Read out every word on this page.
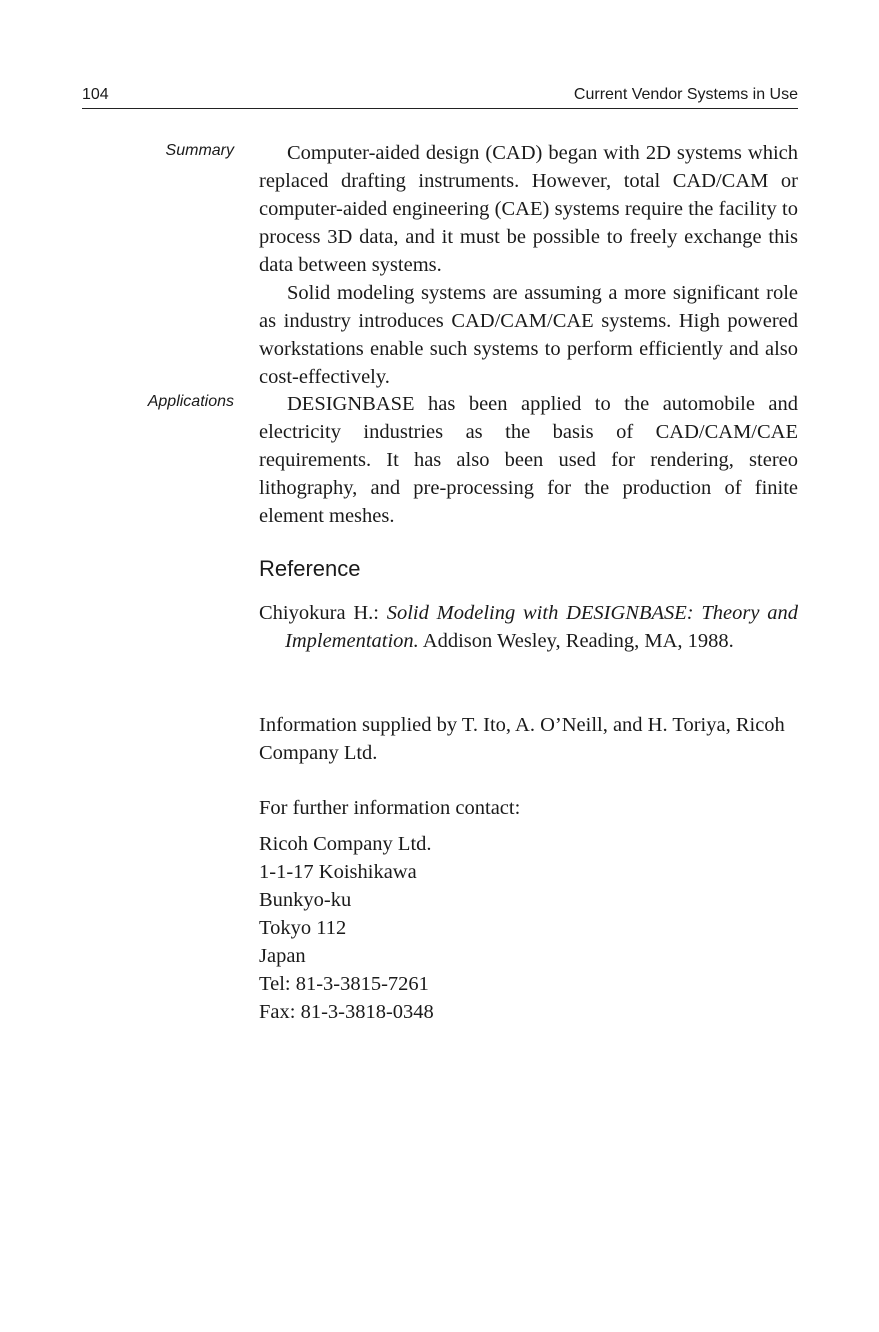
104	Current Vendor Systems in Use
Summary
Applications

Computer-aided design (CAD) began with 2D systems which replaced drafting instruments. However, total CAD/CAM or computer-aided engineering (CAE) systems require the facility to process 3D data, and it must be possible to freely exchange this data between systems.

Solid modeling systems are assuming a more significant role as industry introduces CAD/CAM/CAE systems. High powered workstations enable such systems to perform efficiently and also cost-effectively.

DESIGNBASE has been applied to the automobile and electricity industries as the basis of CAD/CAM/CAE requirements. It has also been used for rendering, stereo lithography, and pre-processing for the production of finite element meshes.

Reference

Chiyokura H.: Solid Modeling with DESIGNBASE: Theory and Implementation. Addison Wesley, Reading, MA, 1988.

Information supplied by T. Ito, A. O’Neill, and H. Toriya, Ricoh Company Ltd.

For further information contact:

Ricoh Company Ltd.
1-1-17 Koishikawa
Bunkyo-ku
Tokyo 112
Japan
Tel: 81-3-3815-7261
Fax: 81-3-3818-0348
